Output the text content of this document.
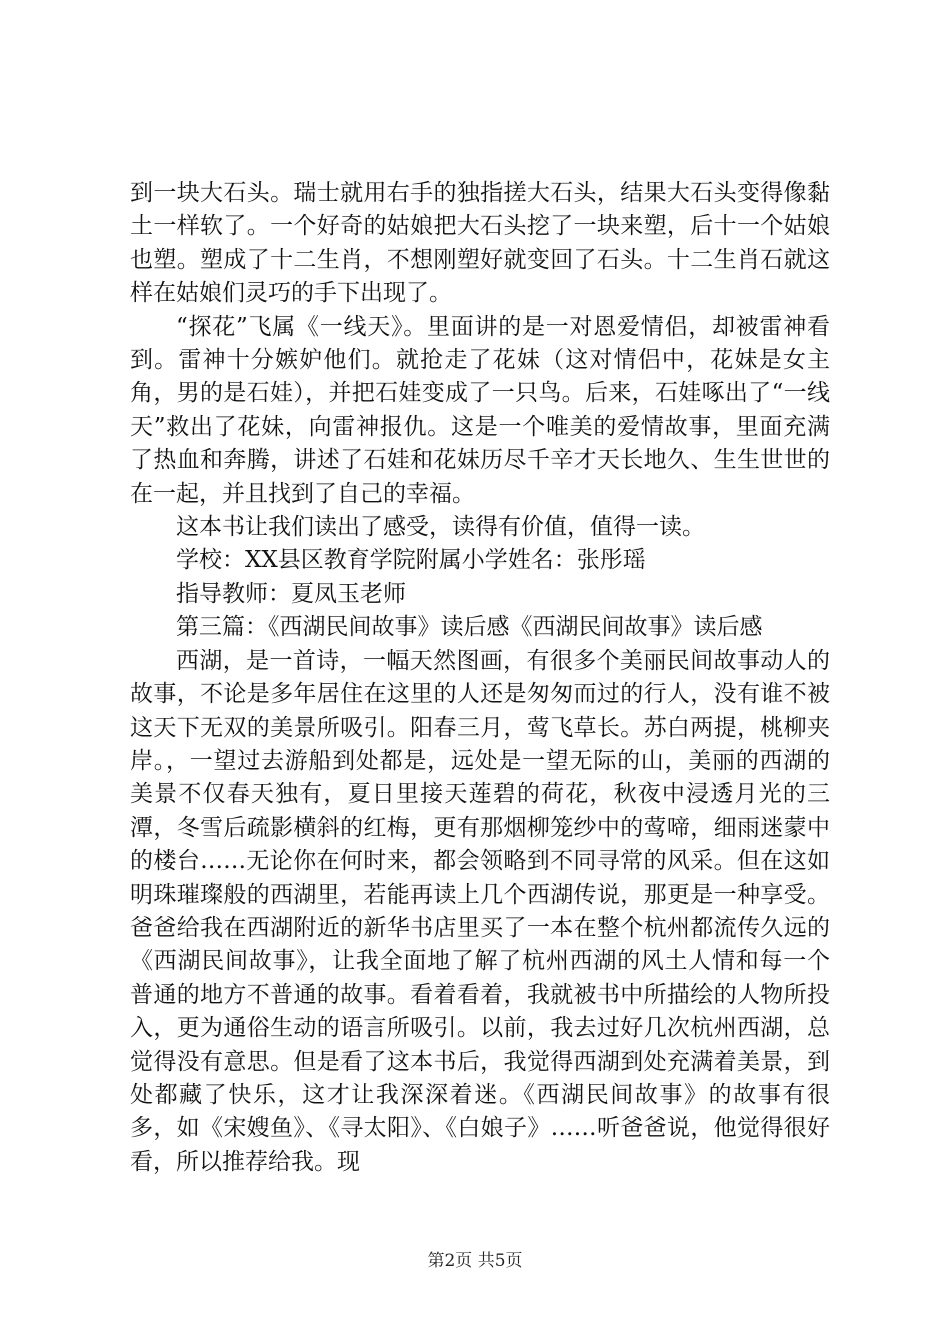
到一块大石头。瑞士就用右手的独指搓大石头，结果大石头变得像黏土一样软了。一个好奇的姑娘把大石头挖了一块来塑，后十一个姑娘也塑。塑成了十二生肖，不想刚塑好就变回了石头。十二生肖石就这样在姑娘们灵巧的手下出现了。

“探花”飞属《一线天》。里面讲的是一对恩爱情侣，却被雷神看到。雷神十分嫉妒他们。就抢走了花妹（这对情侣中，花妹是女主角，男的是石娃），并把石娃变成了一只鸟。后来，石娃啄出了“一线天”救出了花妹，向雷神报仇。这是一个唯美的爱情故事，里面充满了热血和奔腾，讲述了石娃和花妹历尽千辛才天长地久、生生世世的在一起，并且找到了自己的幸福。

这本书让我们读出了感受，读得有价值，值得一读。

学校：XX县区教育学院附属小学姓名：张彤瑶

指导教师：夏凤玉老师

第三篇：《西湖民间故事》读后感《西湖民间故事》读后感

西湖，是一首诗，一幅天然图画，有很多个美丽民间故事动人的故事，不论是多年居住在这里的人还是匆匆而过的行人，没有谁不被这天下无双的美景所吸引。阳春三月，莺飞草长。苏白两提，桃柳夹岸。，一望过去游船到处都是，远处是一望无际的山，美丽的西湖的美景不仅春天独有，夏日里接天莲碧的荷花，秋夜中浸透月光的三潭，冬雪后疏影横斜的红梅，更有那烟柳笼纱中的莺啼，细雨迷蒙中的楼台……无论你在何时来，都会领略到不同寻常的风采。但在这如明珠璀璨般的西湖里，若能再读上几个西湖传说，那更是一种享受。爸爸给我在西湖附近的新华书店里买了一本在整个杭州都流传久远的《西湖民间故事》，让我全面地了解了杭州西湖的风土人情和每一个普通的地方不普通的故事。看着看着，我就被书中所描绘的人物所投入，更为通俗生动的语言所吸引。以前，我去过好几次杭州西湖，总觉得没有意思。但是看了这本书后，我觉得西湖到处充满着美景，到处都藏了快乐，这才让我深深着迷。《西湖民间故事》的故事有很多，如《宋嫂鱼》、《寻太阳》、《白娘子》……听爸爸说，他觉得很好看，所以推荐给我。现

第2页 共5页
